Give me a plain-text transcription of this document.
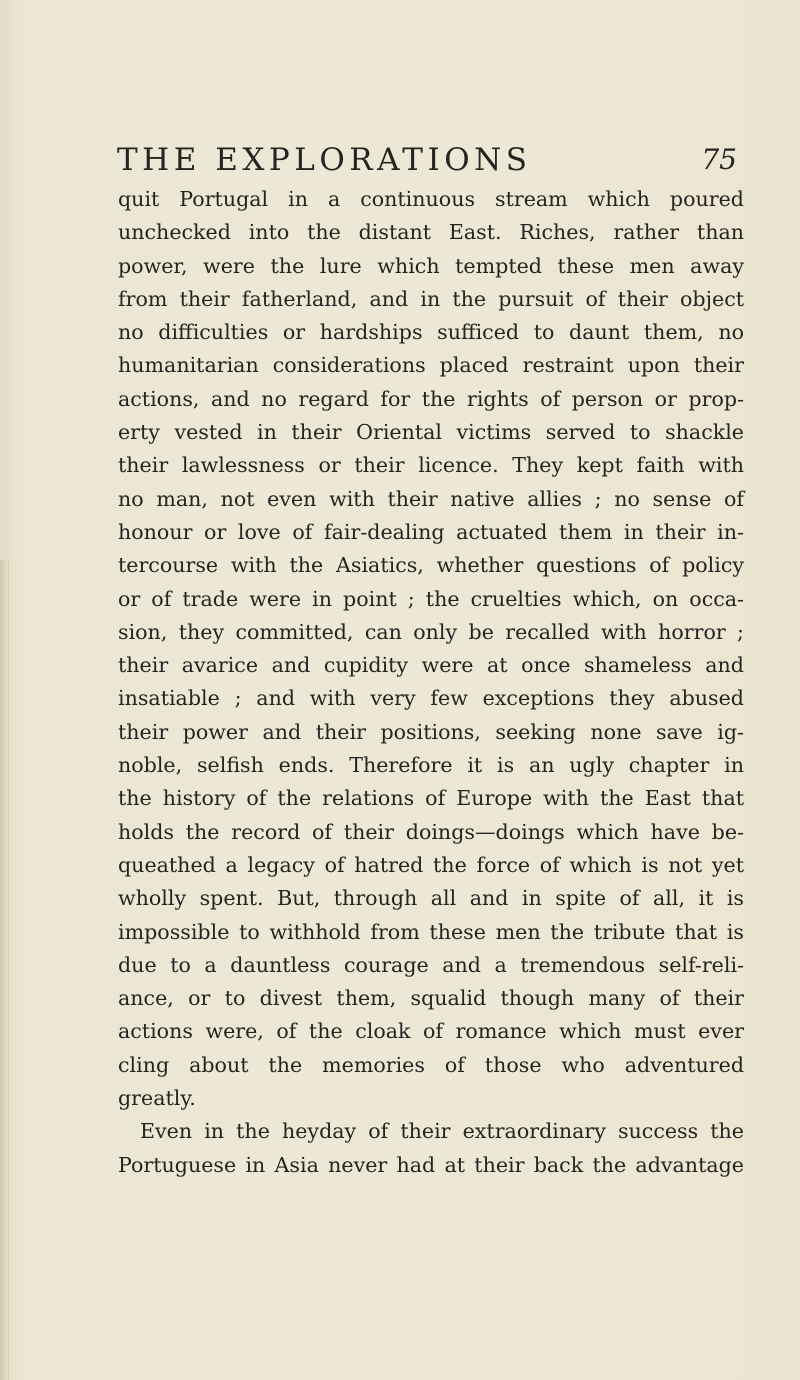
THE EXPLORATIONS	75
quit Portugal in a continuous stream which poured
unchecked into the distant East. Riches, rather than
power, were the lure which tempted these men away
from their fatherland, and in the pursuit of their object
no difficulties or hardships sufficed to daunt them, no
humanitarian considerations placed restraint upon their
actions, and no regard for the rights of person or prop-
erty vested in their Oriental victims served to shackle
their lawlessness or their licence. They kept faith with
no man, not even with their native allies ; no sense of
honour or love of fair-dealing actuated them in their in-
tercourse with the Asiatics, whether questions of policy
or of trade were in point ; the cruelties which, on occa-
sion, they committed, can only be recalled with horror ;
their avarice and cupidity were at once shameless and
insatiable ; and with very few exceptions they abused
their power and their positions, seeking none save ig-
noble, selfish ends. Therefore it is an ugly chapter in
the history of the relations of Europe with the East that
holds the record of their doings—doings which have be-
queathed a legacy of hatred the force of which is not yet
wholly spent. But, through all and in spite of all, it is
impossible to withhold from these men the tribute that is
due to a dauntless courage and a tremendous self-reli-
ance, or to divest them, squalid though many of their
actions were, of the cloak of romance which must ever
cling about the memories of those who adventured
greatly.
Even in the heyday of their extraordinary success the
Portuguese in Asia never had at their back the advantage
